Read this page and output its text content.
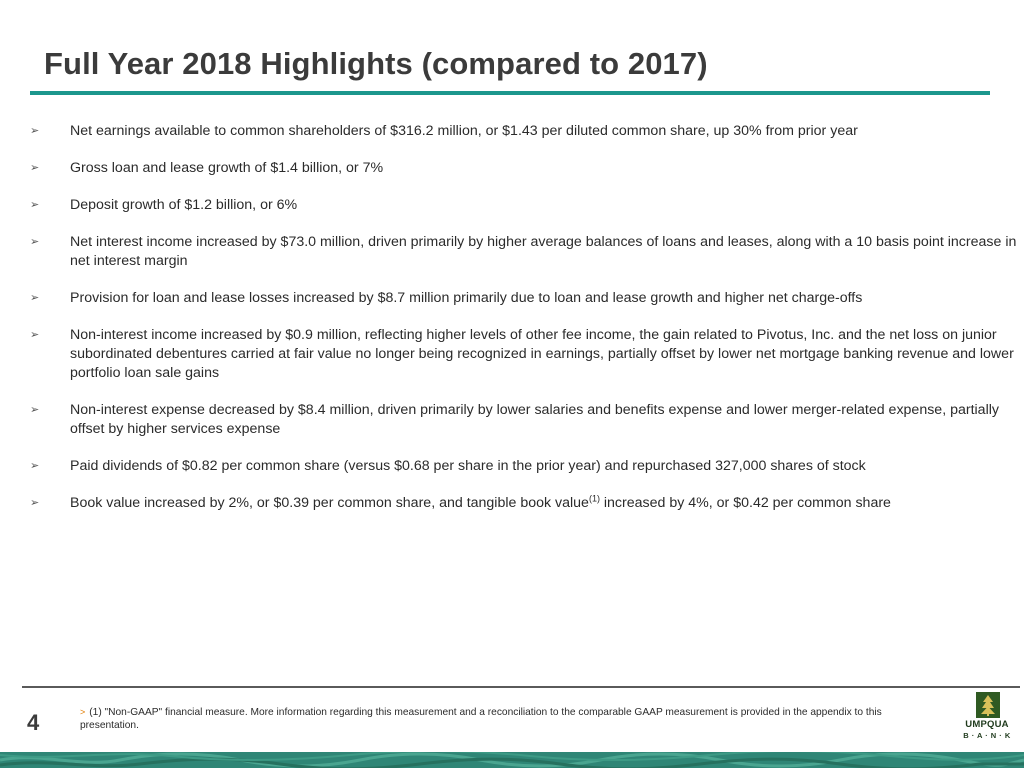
Full Year 2018 Highlights (compared to 2017)
➢ Net earnings available to common shareholders of $316.2 million, or $1.43 per diluted common share, up 30% from prior year
➢ Gross loan and lease growth of $1.4 billion, or 7%
➢ Deposit growth of $1.2 billion, or 6%
➢ Net interest income increased by $73.0 million, driven primarily by higher average balances of loans and leases, along with a 10 basis point increase in net interest margin
➢ Provision for loan and lease losses increased by $8.7 million primarily due to loan and lease growth and higher net charge-offs
➢ Non-interest income increased by $0.9 million, reflecting higher levels of other fee income, the gain related to Pivotus, Inc. and the net loss on junior subordinated debentures carried at fair value no longer being recognized in earnings, partially offset by lower net mortgage banking revenue and lower portfolio loan sale gains
➢ Non-interest expense decreased by $8.4 million, driven primarily by lower salaries and benefits expense and lower merger-related expense, partially offset by higher services expense
➢ Paid dividends of $0.82 per common share (versus $0.68 per share in the prior year) and repurchased 327,000 shares of stock
➢ Book value increased by 2%, or $0.39 per common share, and tangible book value$^{(1)}$ increased by 4%, or $0.42 per common share
4	> (1) "Non-GAAP" financial measure. More information regarding this measurement and a reconciliation to the comparable GAAP measurement is provided in the appendix to this presentation.	UMPQUA
B · A · N · K
